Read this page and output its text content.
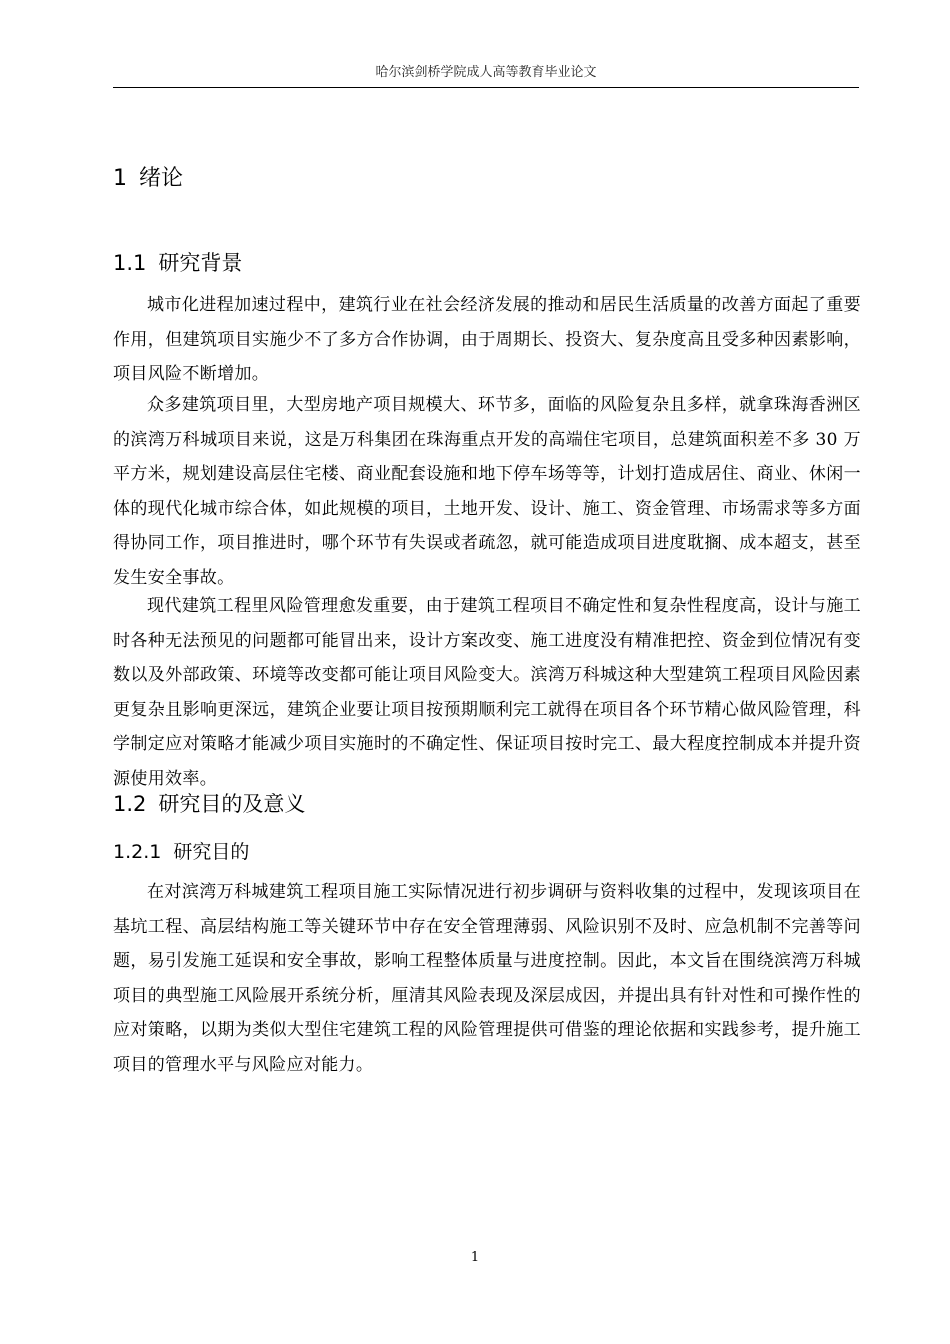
哈尔滨剑桥学院成人高等教育毕业论文
1 绪论
1.1 研究背景

城市化进程加速过程中，建筑行业在社会经济发展的推动和居民生活质量的改善方面起了重要作用，但建筑项目实施少不了多方合作协调，由于周期长、投资大、复杂度高且受多种因素影响，项目风险不断增加。

众多建筑项目里，大型房地产项目规模大、环节多，面临的风险复杂且多样，就拿珠海香洲区的滨湾万科城项目来说，这是万科集团在珠海重点开发的高端住宅项目，总建筑面积差不多 30 万平方米，规划建设高层住宅楼、商业配套设施和地下停车场等等，计划打造成居住、商业、休闲一体的现代化城市综合体，如此规模的项目，土地开发、设计、施工、资金管理、市场需求等多方面得协同工作，项目推进时，哪个环节有失误或者疏忽，就可能造成项目进度耽搁、成本超支，甚至发生安全事故。

现代建筑工程里风险管理愈发重要，由于建筑工程项目不确定性和复杂性程度高，设计与施工时各种无法预见的问题都可能冒出来，设计方案改变、施工进度没有精准把控、资金到位情况有变数以及外部政策、环境等改变都可能让项目风险变大。滨湾万科城这种大型建筑工程项目风险因素更复杂且影响更深远，建筑企业要让项目按预期顺利完工就得在项目各个环节精心做风险管理，科学制定应对策略才能减少项目实施时的不确定性、保证项目按时完工、最大程度控制成本并提升资源使用效率。

1.2 研究目的及意义
1.2.1 研究目的

在对滨湾万科城建筑工程项目施工实际情况进行初步调研与资料收集的过程中，发现该项目在基坑工程、高层结构施工等关键环节中存在安全管理薄弱、风险识别不及时、应急机制不完善等问题，易引发施工延误和安全事故，影响工程整体质量与进度控制。因此，本文旨在围绕滨湾万科城项目的典型施工风险展开系统分析，厘清其风险表现及深层成因，并提出具有针对性和可操作性的应对策略，以期为类似大型住宅建筑工程的风险管理提供可借鉴的理论依据和实践参考，提升施工项目的管理水平与风险应对能力。

1
